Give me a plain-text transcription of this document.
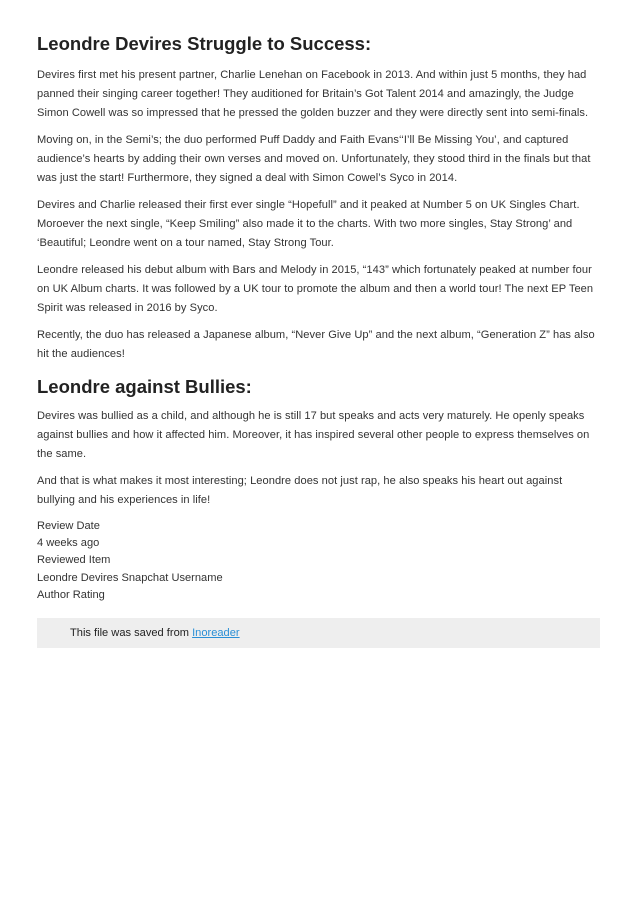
Leondre Devires Struggle to Success:

Devires first met his present partner, Charlie Lenehan on Facebook in 2013. And within just 5 months, they had panned their singing career together! They auditioned for Britain’s Got Talent 2014 and amazingly, the Judge Simon Cowell was so impressed that he pressed the golden buzzer and they were directly sent into semi-finals.

Moving on, in the Semi’s; the duo performed Puff Daddy and Faith Evans‘‘I’ll Be Missing You’, and captured audience’s hearts by adding their own verses and moved on. Unfortunately, they stood third in the finals but that was just the start! Furthermore, they signed a deal with Simon Cowel’s Syco in 2014.

Devires and Charlie released their first ever single “Hopefull” and it peaked at Number 5 on UK Singles Chart. Moroever the next single, “Keep Smiling” also made it to the charts. With two more singles, Stay Strong’ and ‘Beautiful; Leondre went on a tour named, Stay Strong Tour.

Leondre released his debut album with Bars and Melody in 2015, “143” which fortunately peaked at number four on UK Album charts. It was followed by a UK tour to promote the album and then a world tour! The next EP Teen Spirit was released in 2016 by Syco.

Recently, the duo has released a Japanese album, “Never Give Up” and the next album, “Generation Z” has also hit the audiences!

Leondre against Bullies:

Devires was bullied as a child, and although he is still 17 but speaks and acts very maturely. He openly speaks against bullies and how it affected him. Moreover, it has inspired several other people to express themselves on the same.

And that is what makes it most interesting; Leondre does not just rap, he also speaks his heart out against bullying and his experiences in life!

Review Date
4 weeks ago
Reviewed Item
Leondre Devires Snapchat Username
Author Rating
This file was saved from Inoreader
